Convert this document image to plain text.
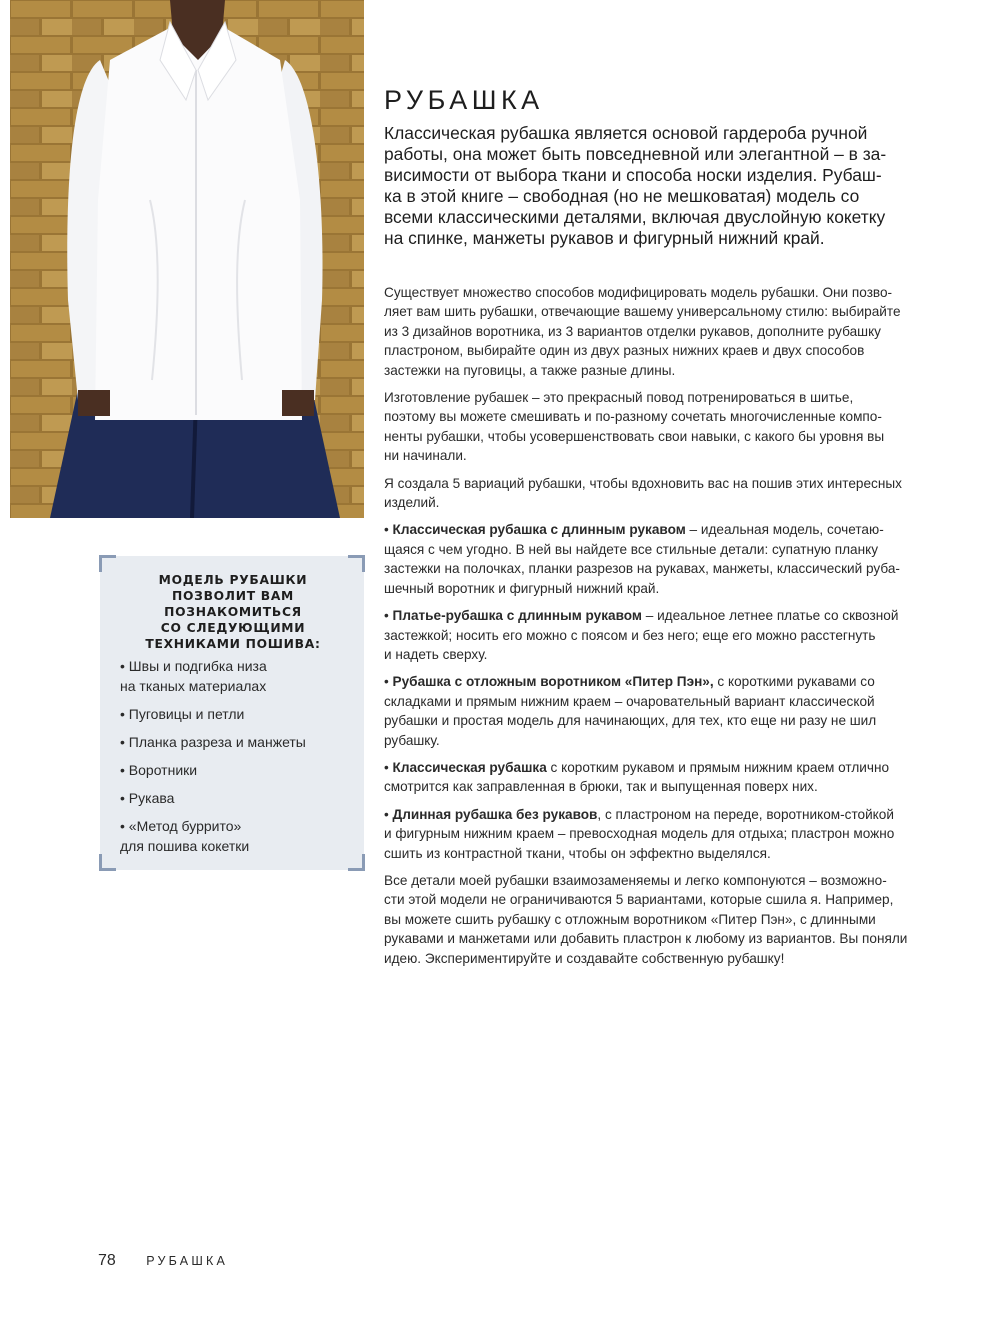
МОДЕЛЬ РУБАШКИ
ПОЗВОЛИТ ВАМ
ПОЗНАКОМИТЬСЯ
СО СЛЕДУЮЩИМИ
ТЕХНИКАМИ ПОШИВА:
• Швы и подгибка низа
на тканых материалах
• Пуговицы и петли
• Планка разреза и манжеты
• Воротники
• Рукава
• «Метод буррито»
для пошива кокетки
РУБАШКА
Классическая рубашка является основой гардероба ручной
работы, она может быть повседневной или элегантной – в за-
висимости от выбора ткани и способа носки изделия. Рубаш-
ка в этой книге – свободная (но не мешковатая) модель со
всеми классическими деталями, включая двуслойную кокетку
на спинке, манжеты рукавов и фигурный нижний край.
Существует множество способов модифицировать модель рубашки. Они позво-
ляет вам шить рубашки, отвечающие вашему универсальному стилю: выбирайте
из 3 дизайнов воротника, из 3 вариантов отделки рукавов, дополните рубашку
пластроном, выбирайте один из двух разных нижних краев и двух способов
застежки на пуговицы, а также разные длины.
Изготовление рубашек – это прекрасный повод потренироваться в шитье,
поэтому вы можете смешивать и по-разному сочетать многочисленные компо-
ненты рубашки, чтобы усовершенствовать свои навыки, с какого бы уровня вы
ни начинали.
Я создала 5 вариаций рубашки, чтобы вдохновить вас на пошив этих интересных
изделий.
• Классическая рубашка с длинным рукавом – идеальная модель, сочетаю-
щаяся с чем угодно. В ней вы найдете все стильные детали: супатную планку
застежки на полочках, планки разрезов на рукавах, манжеты, классический руба-
шечный воротник и фигурный нижний край.
• Платье-рубашка с длинным рукавом – идеальное летнее платье со сквозной
застежкой; носить его можно с поясом и без него; еще его можно расстегнуть
и надеть сверху.
• Рубашка с отложным воротником «Питер Пэн», с короткими рукавами со
складками и прямым нижним краем – очаровательный вариант классической
рубашки и простая модель для начинающих, для тех, кто еще ни разу не шил
рубашку.
• Классическая рубашка с коротким рукавом и прямым нижним краем отлично
смотрится как заправленная в брюки, так и выпущенная поверх них.
• Длинная рубашка без рукавов, с пластроном на переде, воротником-стойкой
и фигурным нижним краем – превосходная модель для отдыха; пластрон можно
сшить из контрастной ткани, чтобы он эффектно выделялся.
Все детали моей рубашки взаимозаменяемы и легко компонуются – возможно-
сти этой модели не ограничиваются 5 вариантами, которые сшила я. Например,
вы можете сшить рубашку с отложным воротником «Питер Пэн», с длинными
рукавами и манжетами или добавить пластрон к любому из вариантов. Вы поняли
идею. Экспериментируйте и создавайте собственную рубашку!
78 РУБАШКА
